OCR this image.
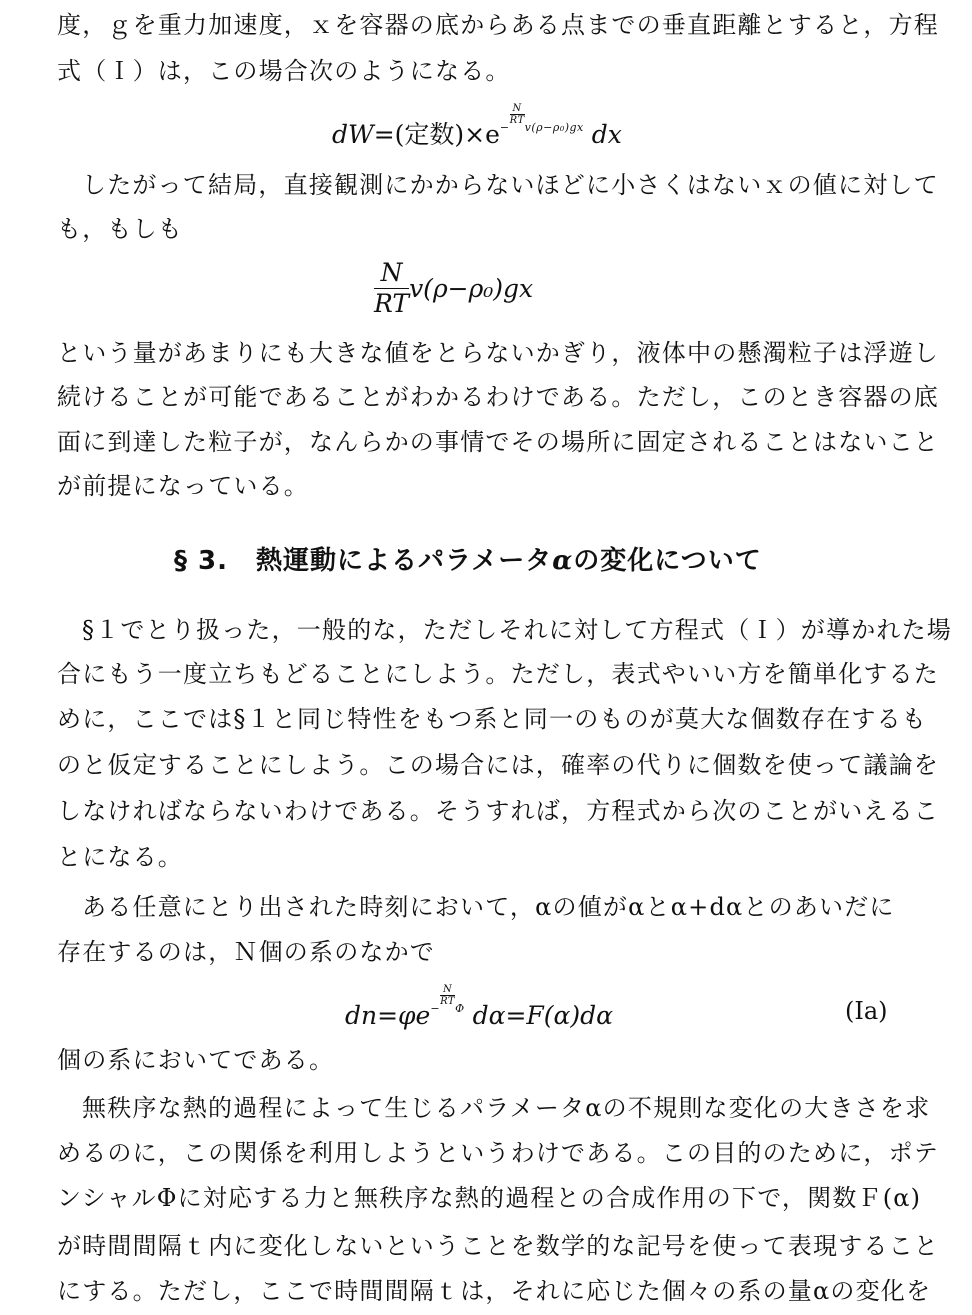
度，ｇを重力加速度，ｘを容器の底からある点までの垂直距離とすると，方程
式（Ｉ）は，この場合次のようになる。
dW=(定数)$\times e^{- \frac{N}{RT} v(\rho-\rho_0)gx}$ dx
したがって結局，直接観測にかからないほどに小さくはないｘの値に対して
も，もしも
$\frac{N}{RT} v(\rho-\rho_0)gx$
という量があまりにも大きな値をとらないかぎり，液体中の懸濁粒子は浮遊し
続けることが可能であることがわかるわけである。ただし，このとき容器の底
面に到達した粒子が，なんらかの事情でその場所に固定されることはないこと
が前提になっている。
§ 3. 熱運動によるパラメータαの変化について
§１でとり扱った，一般的な，ただしそれに対して方程式（Ｉ）が導かれた場
合にもう一度立ちもどることにしよう。ただし，表式やいい方を簡単化するた
めに，ここでは§１と同じ特性をもつ系と同一のものが莫大な個数存在するも
のと仮定することにしよう。この場合には，確率の代りに個数を使って議論を
しなければならないわけである。そうすれば，方程式から次のことがいえるこ
とになる。
ある任意にとり出された時刻において，αの値がαとα+dαとのあいだに
存在するのは，Ｎ個の系のなかで
$dn=\varphi e^{- \frac{N}{RT} \Phi}$ dα=F(α)dα	(Ia)
個の系においてである。
無秩序な熱的過程によって生じるパラメータαの不規則な変化の大きさを求
めるのに，この関係を利用しようというわけである。この目的のために，ポテ
ンシャルΦに対応する力と無秩序な熱的過程との合成作用の下で，関数Ｆ(α)
が時間間隔ｔ内に変化しないということを数学的な記号を使って表現すること
にする。ただし，ここで時間間隔ｔは，それに応じた個々の系の量αの変化を
